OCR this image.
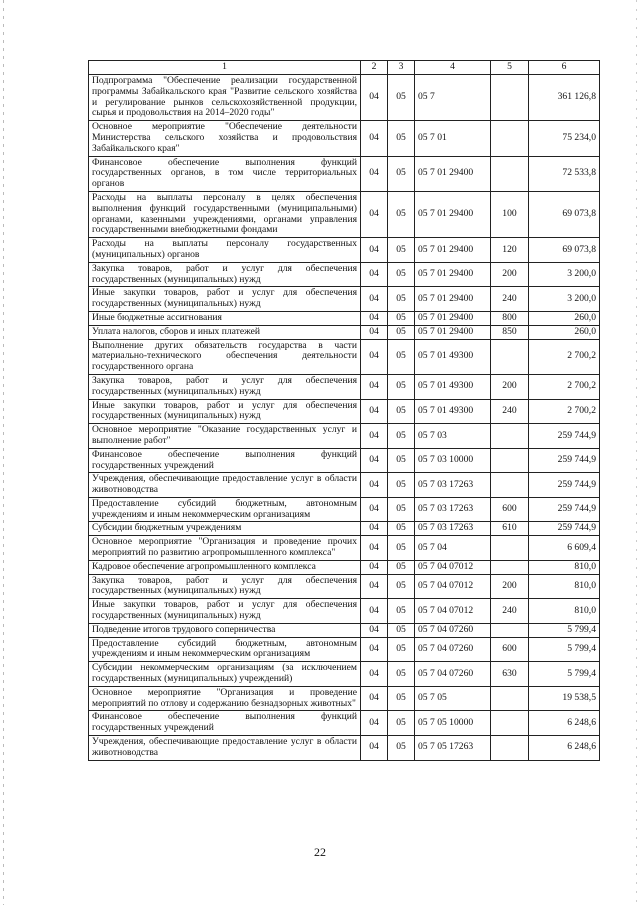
1	2	3	4	5	6
Подпрограмма "Обеспечение реализации государственной программы Забайкальского края "Развитие сельского хозяйства и регулирование рынков сельскохозяйственной продукции, сырья и продовольствия на 2014–2020 годы"	04	05	05 7		361 126,8
Основное мероприятие "Обеспечение деятельности Министерства сельского хозяйства и продовольствия Забайкальского края"	04	05	05 7 01		75 234,0
Финансовое обеспечение выполнения функций государственных органов, в том числе территориальных органов	04	05	05 7 01 29400		72 533,8
Расходы на выплаты персоналу в целях обеспечения выполнения функций государственными (муниципальными) органами, казенными учреждениями, органами управления государственными внебюджетными фондами	04	05	05 7 01 29400	100	69 073,8
Расходы на выплаты персоналу государственных (муниципальных) органов	04	05	05 7 01 29400	120	69 073,8
Закупка товаров, работ и услуг для обеспечения государственных (муниципальных) нужд	04	05	05 7 01 29400	200	3 200,0
Иные закупки товаров, работ и услуг для обеспечения государственных (муниципальных) нужд	04	05	05 7 01 29400	240	3 200,0
Иные бюджетные ассигнования	04	05	05 7 01 29400	800	260,0
Уплата налогов, сборов и иных платежей	04	05	05 7 01 29400	850	260,0
Выполнение других обязательств государства в части материально-технического обеспечения деятельности государственного органа	04	05	05 7 01 49300		2 700,2
Закупка товаров, работ и услуг для обеспечения государственных (муниципальных) нужд	04	05	05 7 01 49300	200	2 700,2
Иные закупки товаров, работ и услуг для обеспечения государственных (муниципальных) нужд	04	05	05 7 01 49300	240	2 700,2
Основное мероприятие "Оказание государственных услуг и выполнение работ"	04	05	05 7 03		259 744,9
Финансовое обеспечение выполнения функций государственных учреждений	04	05	05 7 03 10000		259 744,9
Учреждения, обеспечивающие предоставление услуг в области животноводства	04	05	05 7 03 17263		259 744,9
Предоставление субсидий бюджетным, автономным учреждениям и иным некоммерческим организациям	04	05	05 7 03 17263	600	259 744,9
Субсидии бюджетным учреждениям	04	05	05 7 03 17263	610	259 744,9
Основное мероприятие "Организация и проведение прочих мероприятий по развитию агропромышленного комплекса"	04	05	05 7 04		6 609,4
Кадровое обеспечение агропромышленного комплекса	04	05	05 7 04 07012		810,0
Закупка товаров, работ и услуг для обеспечения государственных (муниципальных) нужд	04	05	05 7 04 07012	200	810,0
Иные закупки товаров, работ и услуг для обеспечения государственных (муниципальных) нужд	04	05	05 7 04 07012	240	810,0
Подведение итогов трудового соперничества	04	05	05 7 04 07260		5 799,4
Предоставление субсидий бюджетным, автономным учреждениям и иным некоммерческим организациям	04	05	05 7 04 07260	600	5 799,4
Субсидии некоммерческим организациям (за исключением государственных (муниципальных) учреждений)	04	05	05 7 04 07260	630	5 799,4
Основное мероприятие "Организация и проведение мероприятий по отлову и содержанию безнадзорных животных"	04	05	05 7 05		19 538,5
Финансовое обеспечение выполнения функций государственных учреждений	04	05	05 7 05 10000		6 248,6
Учреждения, обеспечивающие предоставление услуг в области животноводства	04	05	05 7 05 17263		6 248,6
22
